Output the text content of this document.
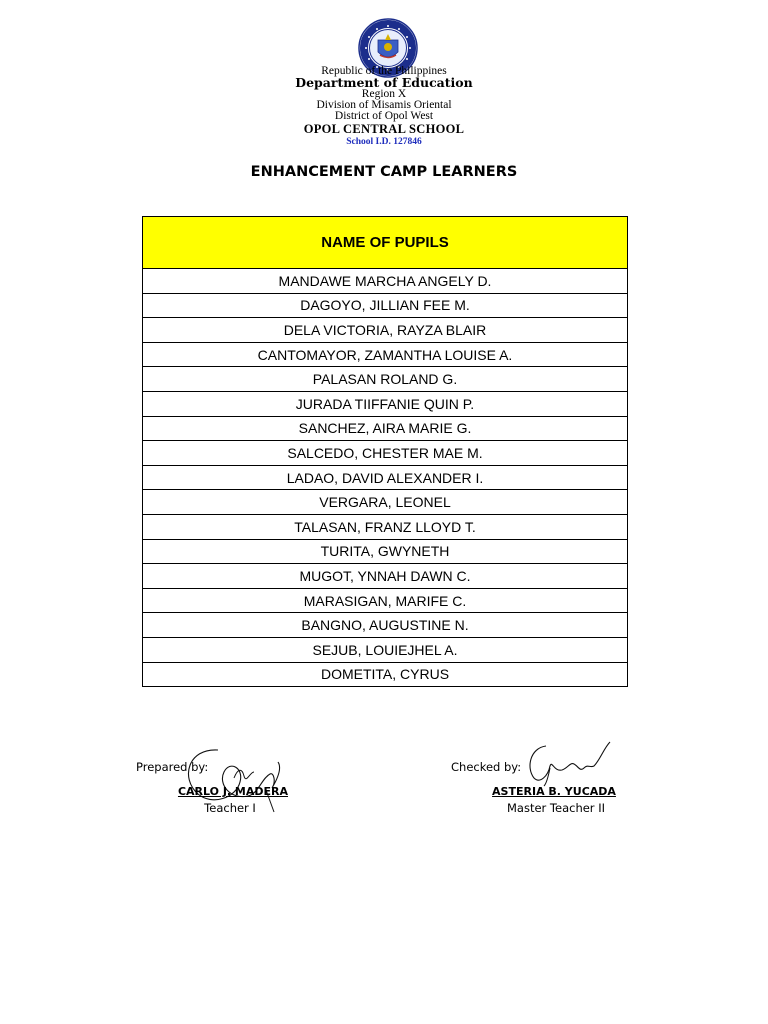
Republic of the Philippines
Department of Education
Region X
Division of Misamis Oriental
District of Opol West
OPOL CENTRAL SCHOOL
School I.D. 127846
ENHANCEMENT CAMP LEARNERS
NAME OF PUPILS
MANDAWE MARCHA ANGELY D.
DAGOYO, JILLIAN FEE M.
DELA VICTORIA, RAYZA BLAIR
CANTOMAYOR, ZAMANTHA LOUISE A.
PALASAN ROLAND G.
JURADA TIIFFANIE QUIN P.
SANCHEZ, AIRA MARIE G.
SALCEDO, CHESTER MAE M.
LADAO, DAVID ALEXANDER I.
VERGARA, LEONEL
TALASAN, FRANZ LLOYD T.
TURITA, GWYNETH
MUGOT, YNNAH DAWN C.
MARASIGAN, MARIFE C.
BANGNO, AUGUSTINE N.
SEJUB, LOUIEJHEL A.
DOMETITA, CYRUS
Prepared by:
CARLO J. MADERA
Teacher I
Checked by:
ASTERIA B. YUCADA
Master Teacher II
